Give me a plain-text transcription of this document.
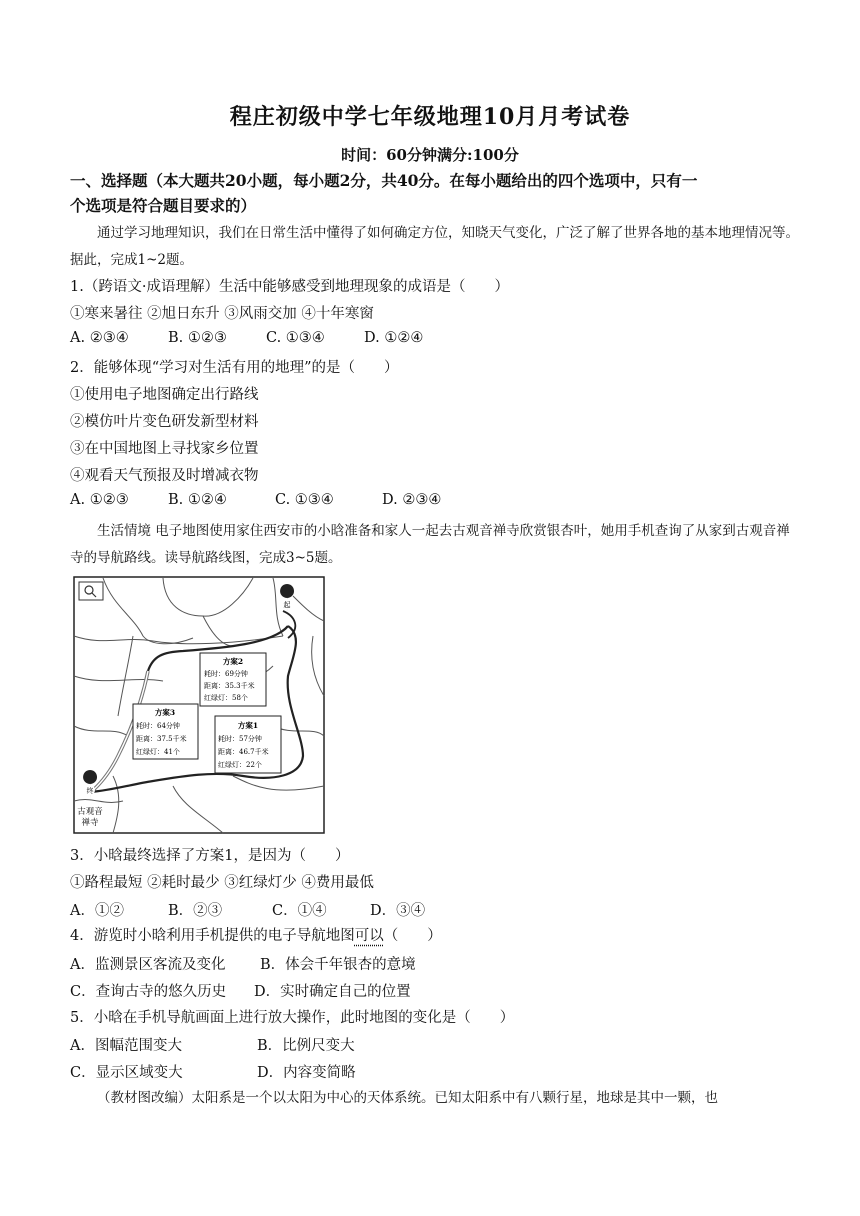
程庄初级中学七年级地理10月月考试卷
时间：60分钟满分:100分
一、选择题（本大题共20小题，每小题2分，共40分。在每小题给出的四个选项中，只有一
个选项是符合题目要求的）
通过学习地理知识，我们在日常生活中懂得了如何确定方位，知晓天气变化，广泛了解了世界各地的基本地理情况等。据此，完成1~2题。
1.（跨语文·成语理解）生活中能够感受到地理现象的成语是（　　）
①寒来暑往 ②旭日东升 ③风雨交加 ④十年寒窗
A. ②③④	B. ①②③	C. ①③④	D. ①②④
2．能够体现“学习对生活有用的地理”的是（　　）
①使用电子地图确定出行路线
②模仿叶片变色研发新型材料
③在中国地图上寻找家乡位置
④观看天气预报及时增减衣物
A. ①②③	B. ①②④	C. ①③④	D. ②③④
生活情境 电子地图使用家住西安市的小晗准备和家人一起去古观音禅寺欣赏银杏叶，她用手机查询了从家到古观音禅寺的导航路线。读导航路线图，完成3~5题。
起
终
古观音
禅寺
方案2
耗时：69分钟
距离：35.3千米
红绿灯：58个
方案3
耗时：64分钟
距离：37.5千米
红绿灯：41个
方案1
耗时：57分钟
距离：46.7千米
红绿灯：22个
3．小晗最终选择了方案1，是因为（　　）
①路程最短 ②耗时最少 ③红绿灯少 ④费用最低
A．①②	B．②③	C．①④	D．③④
4．游览时小晗利用手机提供的电子导航地图可以（　　）
A．监测景区客流及变化 B．体会千年银杏的意境
C．查询古寺的悠久历史 D．实时确定自己的位置
5．小晗在手机导航画面上进行放大操作，此时地图的变化是（　　）
A．图幅范围变大	B．比例尺变大
C．显示区域变大	D．内容变简略
（教材图改编）太阳系是一个以太阳为中心的天体系统。已知太阳系中有八颗行星，地球是其中一颗，也
